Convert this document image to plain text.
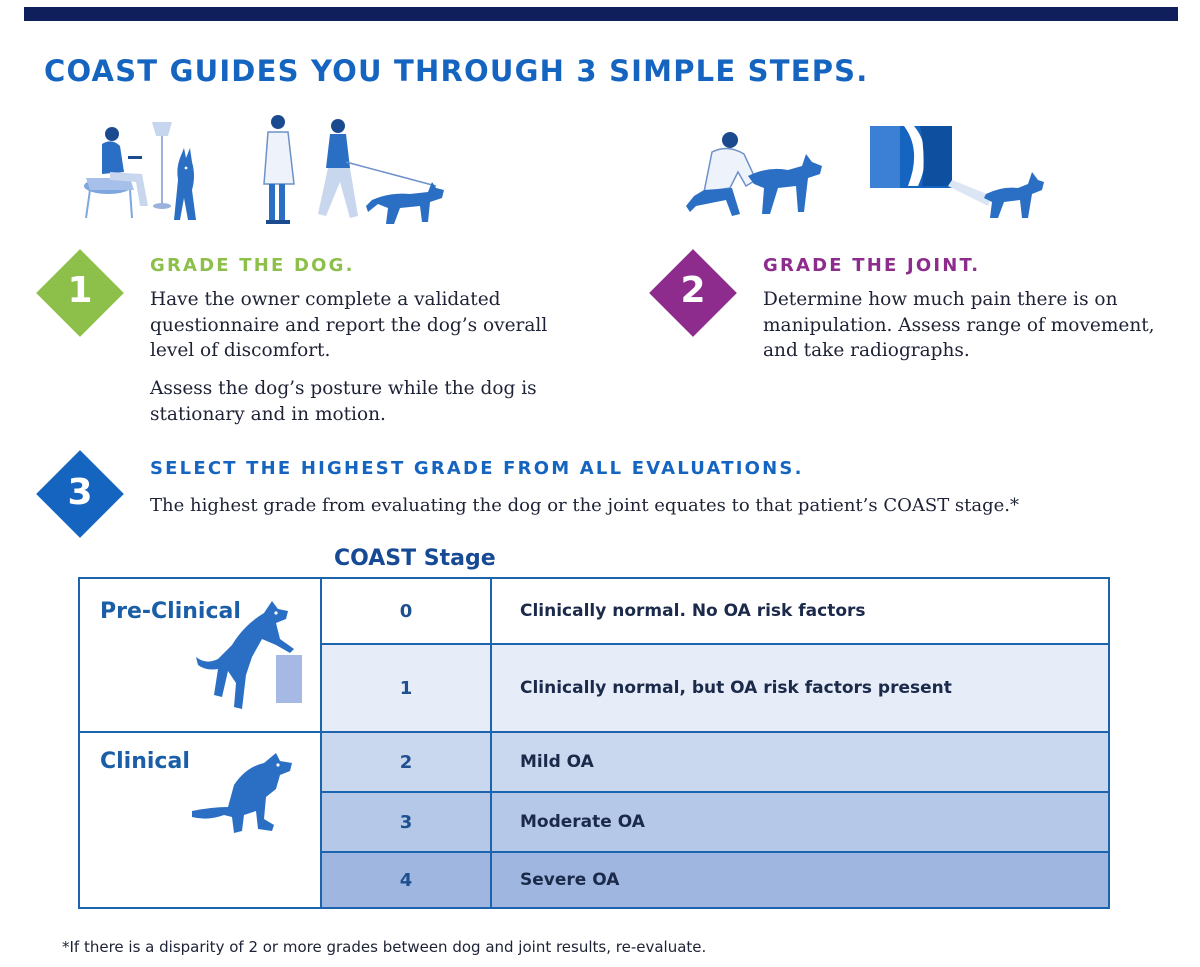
COAST GUIDES YOU THROUGH 3 SIMPLE STEPS.
1
GRADE THE DOG.
Have the owner complete a validated questionnaire and report the dog’s overall level of discomfort.
Assess the dog’s posture while the dog is stationary and in motion.
2
GRADE THE JOINT.
Determine how much pain there is on manipulation. Assess range of movement, and take radiographs.
3
SELECT THE HIGHEST GRADE FROM ALL EVALUATIONS.
The highest grade from evaluating the dog or the joint equates to that patient’s COAST stage.*
COAST Stage
Pre-Clinical
Clinical
0	Clinically normal. No OA risk factors
1	Clinically normal, but OA risk factors present
2	Mild OA
3	Moderate OA
4	Severe OA
*If there is a disparity of 2 or more grades between dog and joint results, re-evaluate.
